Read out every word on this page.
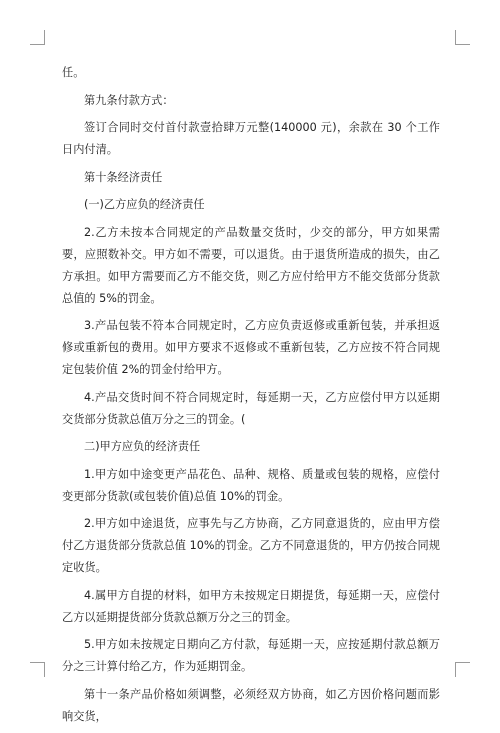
任。

第九条付款方式：

签订合同时交付首付款壹拾肆万元整(140000 元)，余款在 30 个工作日内付清。

第十条经济责任

(一)乙方应负的经济责任

2.乙方未按本合同规定的产品数量交货时，少交的部分，甲方如果需要，应照数补交。甲方如不需要，可以退货。由于退货所造成的损失，由乙方承担。如甲方需要而乙方不能交货，则乙方应付给甲方不能交货部分货款总值的 5%的罚金。

3.产品包装不符本合同规定时，乙方应负责返修或重新包装，并承担返修或重新包的费用。如甲方要求不返修或不重新包装，乙方应按不符合同规定包装价值 2%的罚金付给甲方。

4.产品交货时间不符合同规定时，每延期一天，乙方应偿付甲方以延期交货部分货款总值万分之三的罚金。(

二)甲方应负的经济责任

1.甲方如中途变更产品花色、品种、规格、质量或包装的规格，应偿付变更部分货款(或包装价值)总值 10%的罚金。

2.甲方如中途退货，应事先与乙方协商，乙方同意退货的，应由甲方偿付乙方退货部分货款总值 10%的罚金。乙方不同意退货的，甲方仍按合同规定收货。

4.属甲方自提的材料，如甲方未按规定日期提货，每延期一天，应偿付乙方以延期提货部分货款总额万分之三的罚金。

5.甲方如未按规定日期向乙方付款，每延期一天，应按延期付款总额万分之三计算付给乙方，作为延期罚金。

第十一条产品价格如须调整，必须经双方协商，如乙方因价格问题而影响交货，
